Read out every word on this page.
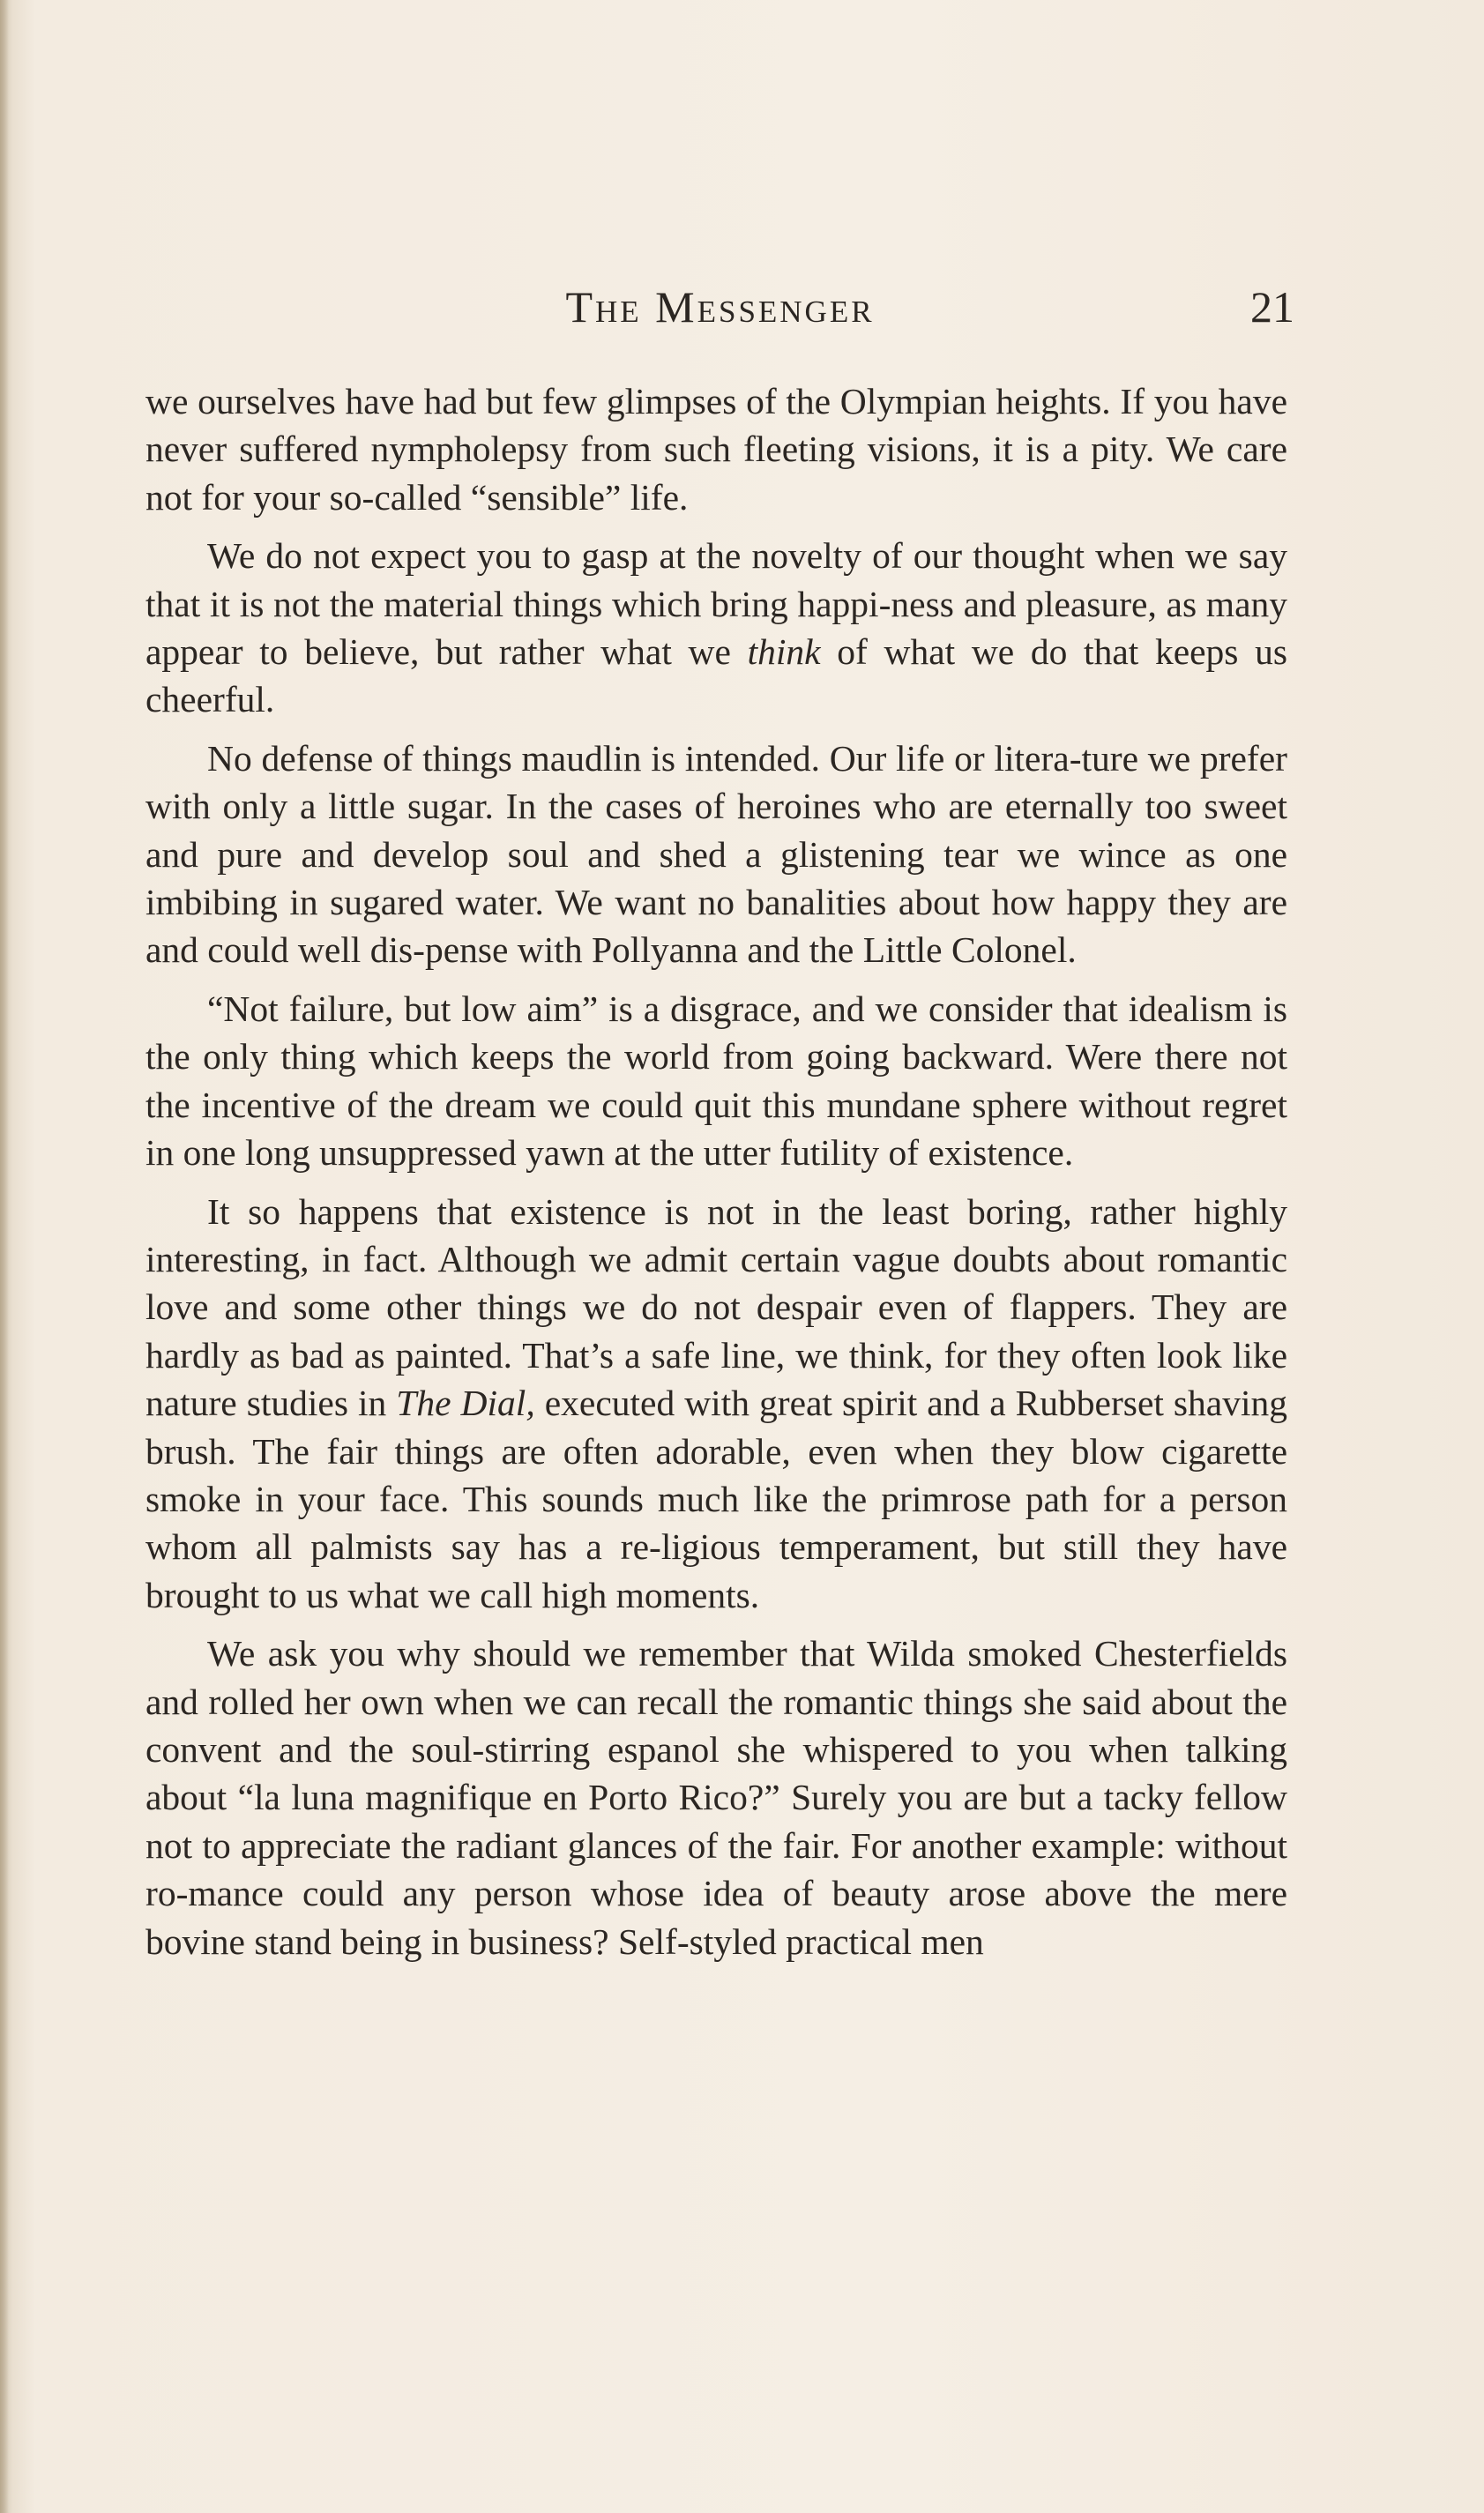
The Messenger	21

we ourselves have had but few glimpses of the Olympian heights. If you have never suffered nympholepsy from such fleeting visions, it is a pity. We care not for your so-called “sensible” life.

We do not expect you to gasp at the novelty of our thought when we say that it is not the material things which bring happi-ness and pleasure, as many appear to believe, but rather what we think of what we do that keeps us cheerful.

No defense of things maudlin is intended. Our life or litera-ture we prefer with only a little sugar. In the cases of heroines who are eternally too sweet and pure and develop soul and shed a glistening tear we wince as one imbibing in sugared water. We want no banalities about how happy they are and could well dis-pense with Pollyanna and the Little Colonel.

“Not failure, but low aim” is a disgrace, and we consider that idealism is the only thing which keeps the world from going backward. Were there not the incentive of the dream we could quit this mundane sphere without regret in one long unsuppressed yawn at the utter futility of existence.

It so happens that existence is not in the least boring, rather highly interesting, in fact. Although we admit certain vague doubts about romantic love and some other things we do not despair even of flappers. They are hardly as bad as painted. That’s a safe line, we think, for they often look like nature studies in The Dial, executed with great spirit and a Rubberset shaving brush. The fair things are often adorable, even when they blow cigarette smoke in your face. This sounds much like the primrose path for a person whom all palmists say has a re-ligious temperament, but still they have brought to us what we call high moments.

We ask you why should we remember that Wilda smoked Chesterfields and rolled her own when we can recall the romantic things she said about the convent and the soul-stirring espanol she whispered to you when talking about “la luna magnifique en Porto Rico?” Surely you are but a tacky fellow not to appreciate the radiant glances of the fair. For another example: without ro-mance could any person whose idea of beauty arose above the mere bovine stand being in business? Self-styled practical men
